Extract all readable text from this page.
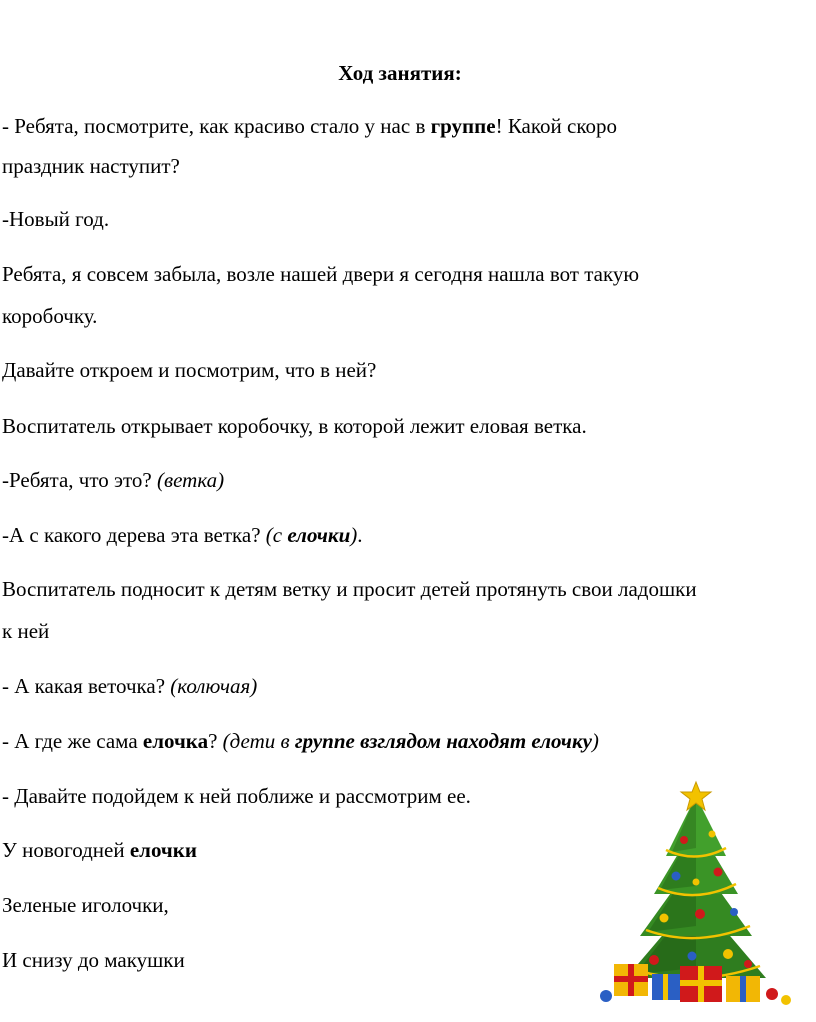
Ход занятия:
- Ребята, посмотрите, как красиво стало у нас в группе! Какой скоро
праздник наступит?
-Новый год.
Ребята, я совсем забыла, возле нашей двери я сегодня нашла вот такую
коробочку.
Давайте откроем и посмотрим, что в ней?
Воспитатель открывает коробочку, в которой лежит еловая ветка.
-Ребята, что это? (ветка)
-А с какого дерева эта ветка? (с елочки).
Воспитатель подносит к детям ветку и просит детей протянуть свои ладошки
к ней
- А какая веточка? (колючая)
- А где же сама елочка? (дети в группе взглядом находят елочку)
- Давайте подойдем к ней поближе и рассмотрим ее.
У новогодней елочки
Зеленые иголочки,
И снизу до макушки
